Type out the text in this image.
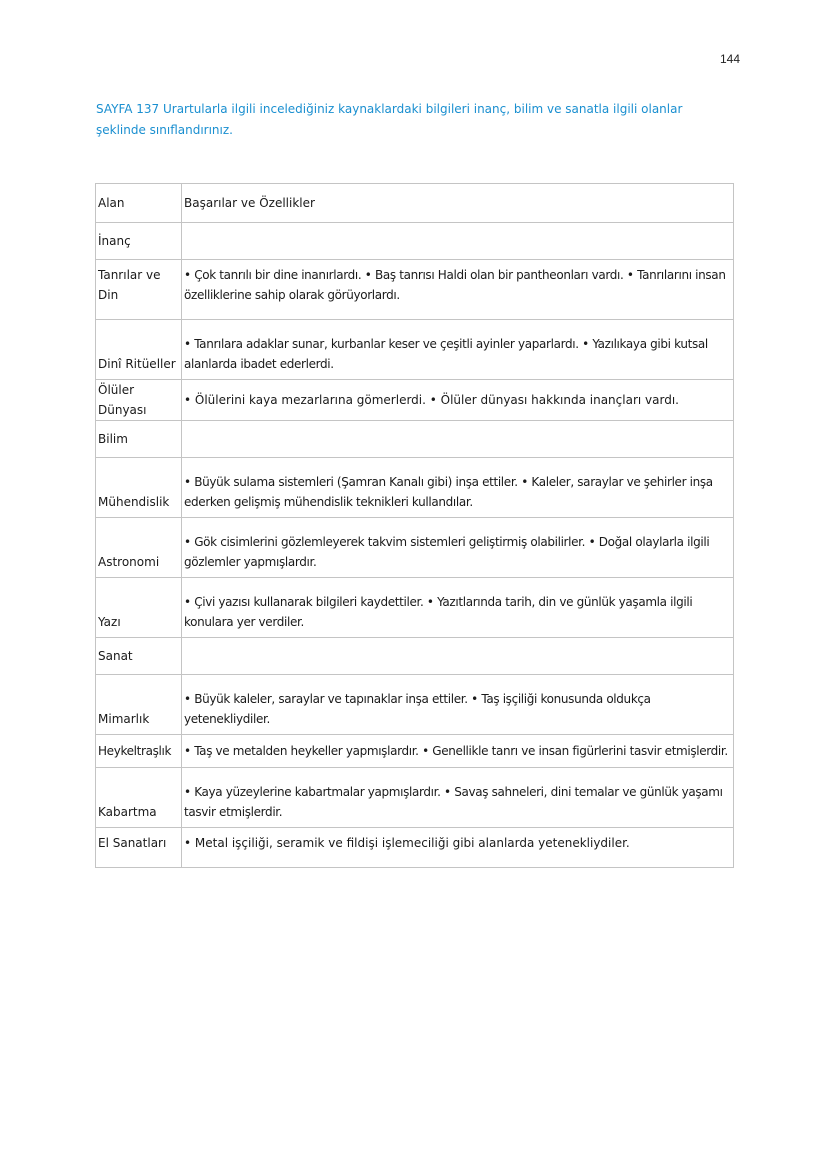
144
SAYFA 137 Urartularla ilgili incelediğiniz kaynaklardaki bilgileri inanç, bilim ve sanatla ilgili olanlar şeklinde sınıflandırınız.
Alan	Başarılar ve Özellikler
İnanç	
Tanrılar ve Din	• Çok tanrılı bir dine inanırlardı. • Baş tanrısı Haldi olan bir pantheonları vardı. • Tanrılarını insan özelliklerine sahip olarak görüyorlardı.
Dinî Ritüeller	• Tanrılara adaklar sunar, kurbanlar keser ve çeşitli ayinler yaparlardı. • Yazılıkaya gibi kutsal alanlarda ibadet ederlerdi.
Ölüler Dünyası	• Ölülerini kaya mezarlarına gömerlerdi. • Ölüler dünyası hakkında inançları vardı.
Bilim	
Mühendislik	• Büyük sulama sistemleri (Şamran Kanalı gibi) inşa ettiler. • Kaleler, saraylar ve şehirler inşa ederken gelişmiş mühendislik teknikleri kullandılar.
Astronomi	• Gök cisimlerini gözlemleyerek takvim sistemleri geliştirmiş olabilirler. • Doğal olaylarla ilgili gözlemler yapmışlardır.
Yazı	• Çivi yazısı kullanarak bilgileri kaydettiler. • Yazıtlarında tarih, din ve günlük yaşamla ilgili konulara yer verdiler.
Sanat	
Mimarlık	• Büyük kaleler, saraylar ve tapınaklar inşa ettiler. • Taş işçiliği konusunda oldukça yetenekliydiler.
Heykeltraşlık	• Taş ve metalden heykeller yapmışlardır. • Genellikle tanrı ve insan figürlerini tasvir etmişlerdir.
Kabartma	• Kaya yüzeylerine kabartmalar yapmışlardır. • Savaş sahneleri, dini temalar ve günlük yaşamı tasvir etmişlerdir.
El Sanatları	• Metal işçiliği, seramik ve fildişi işlemeciliği gibi alanlarda yetenekliydiler.
